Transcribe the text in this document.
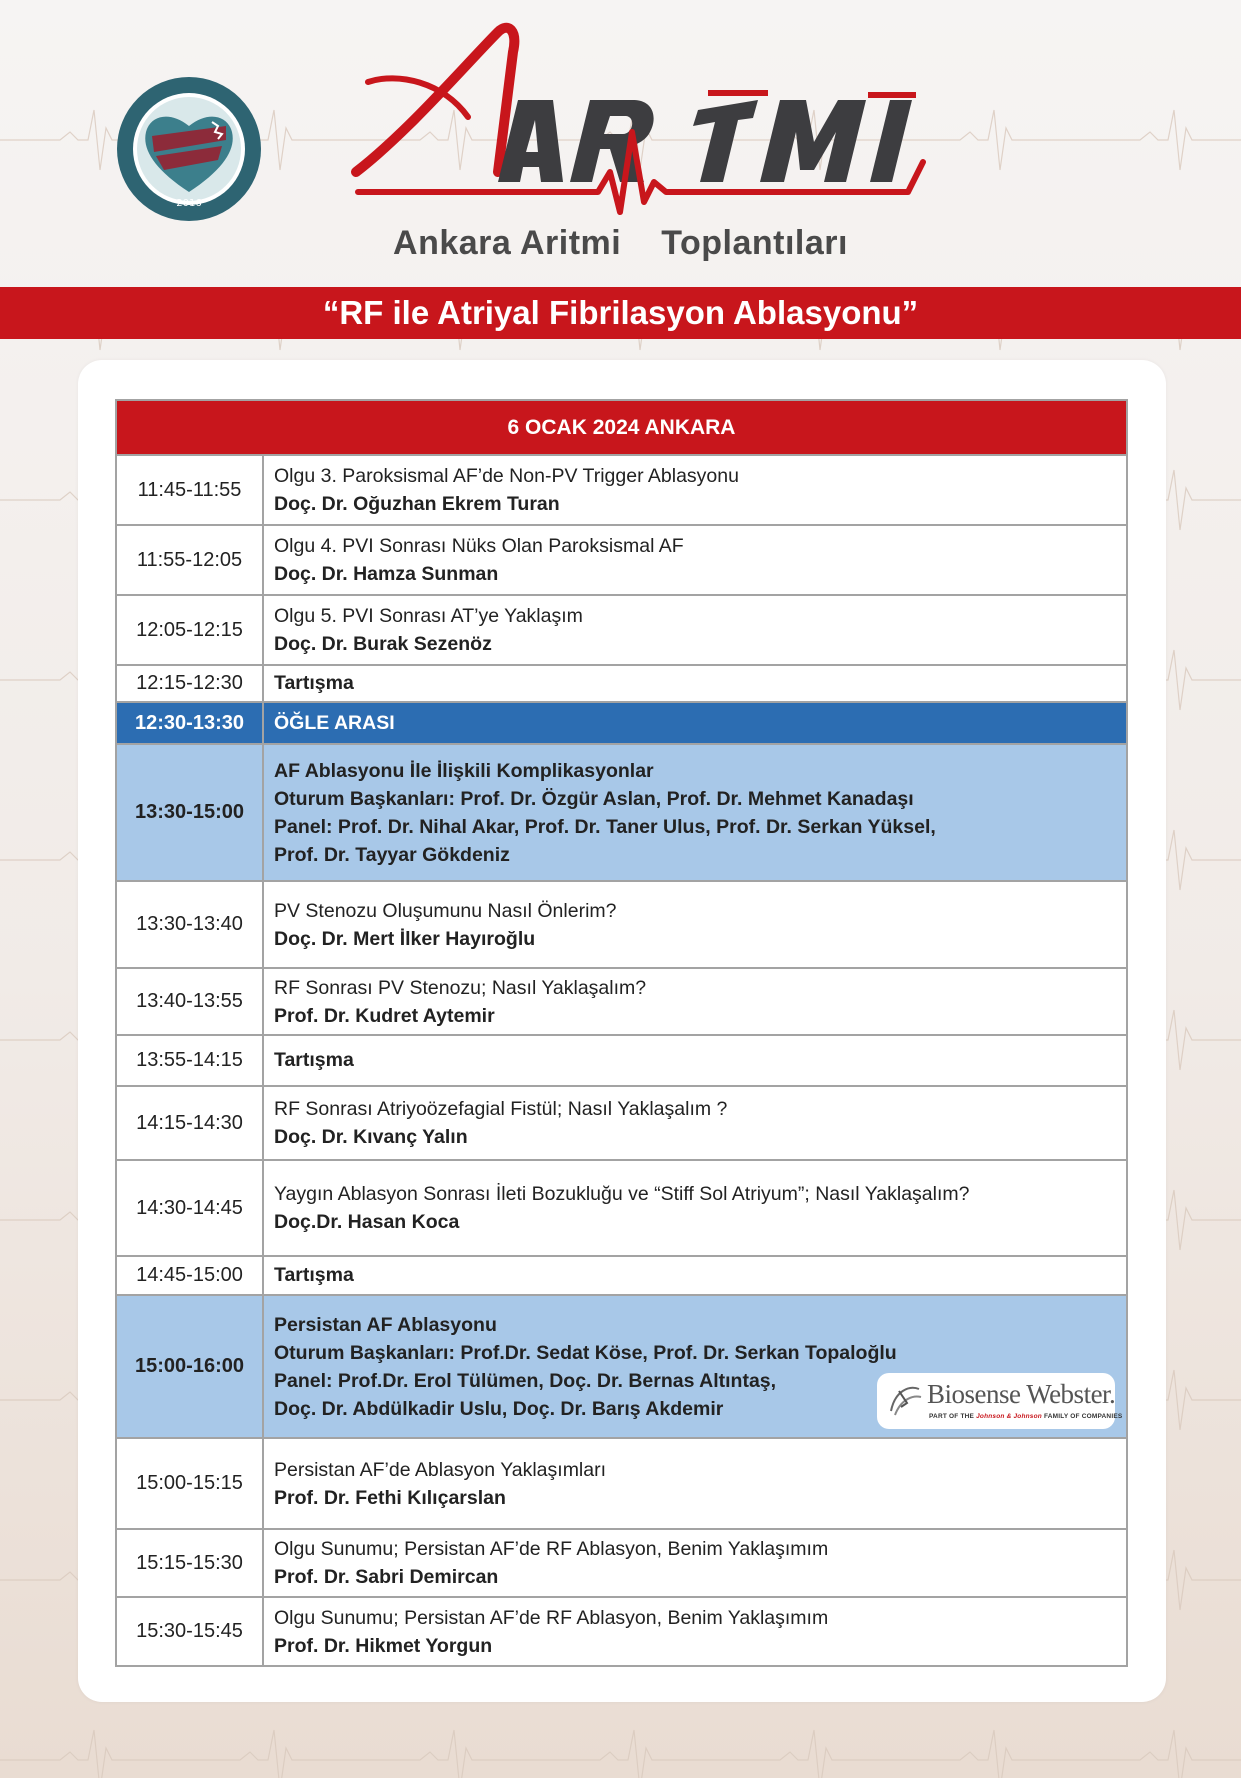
2016
Ankara Aritmi Toplantıları
“RF ile Atriyal Fibrilasyon Ablasyonu”
6 OCAK 2024 ANKARA	
11:45-11:55	Olgu 3. Paroksismal AF’de Non-PV Trigger Ablasyonu
Doç. Dr. Oğuzhan Ekrem Turan

11:55-12:05	Olgu 4. PVI Sonrası Nüks Olan Paroksismal AF
Doç. Dr. Hamza Sunman

12:05-12:15	Olgu 5. PVI Sonrası AT’ye Yaklaşım
Doç. Dr. Burak Sezenöz

12:15-12:30	Tartışma
12:30-13:30	ÖĞLE ARASI
13:30-15:00	AF Ablasyonu İle İlişkili Komplikasyonlar
Oturum Başkanları: Prof. Dr. Özgür Aslan, Prof. Dr. Mehmet Kanadaşı
Panel: Prof. Dr. Nihal Akar, Prof. Dr. Taner Ulus, Prof. Dr. Serkan Yüksel,
Prof. Dr. Tayyar Gökdeniz

13:30-13:40	PV Stenozu Oluşumunu Nasıl Önlerim?
Doç. Dr. Mert İlker Hayıroğlu

13:40-13:55	RF Sonrası PV Stenozu; Nasıl Yaklaşalım?
Prof. Dr. Kudret Aytemir

13:55-14:15	Tartışma
14:15-14:30	RF Sonrası Atriyoözefagial Fistül; Nasıl Yaklaşalım ?
Doç. Dr. Kıvanç Yalın

14:30-14:45	Yaygın Ablasyon Sonrası İleti Bozukluğu ve “Stiff Sol Atriyum”; Nasıl Yaklaşalım?
Doç.Dr. Hasan Koca

14:45-15:00	Tartışma
15:00-16:00	Persistan AF Ablasyonu
Oturum Başkanları: Prof.Dr. Sedat Köse, Prof. Dr. Serkan Topaloğlu
Panel: Prof.Dr. Erol Tülümen, Doç. Dr. Bernas Altıntaş,
Doç. Dr. Abdülkadir Uslu, Doç. Dr. Barış Akdemir

15:00-15:15	Persistan AF’de Ablasyon Yaklaşımları
Prof. Dr. Fethi Kılıçarslan

15:15-15:30	Olgu Sunumu; Persistan AF’de RF Ablasyon, Benim Yaklaşımım
Prof. Dr. Sabri Demircan

15:30-15:45	Olgu Sunumu; Persistan AF’de RF Ablasyon, Benim Yaklaşımım
Prof. Dr. Hikmet Yorgun
Biosense Webster.
PART OF THE Johnson & Johnson FAMILY OF COMPANIES
